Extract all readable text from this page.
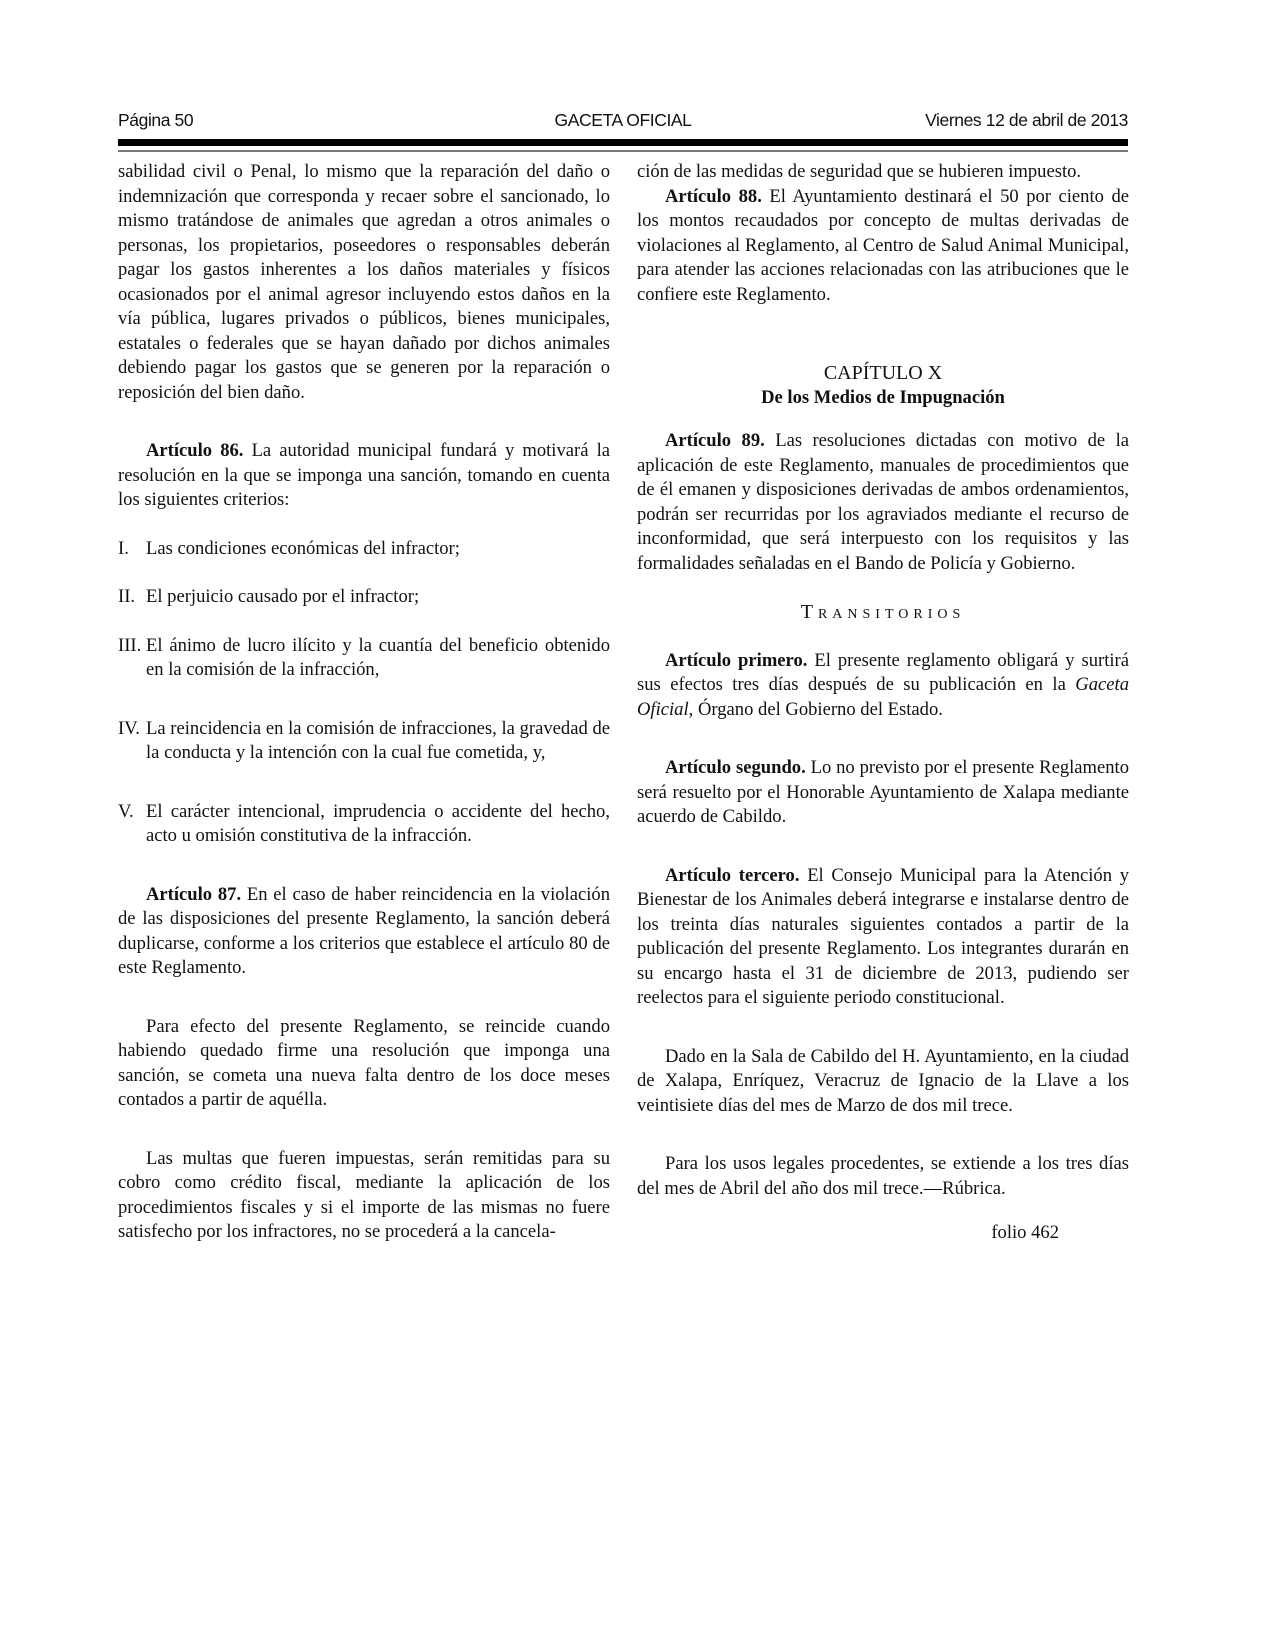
Página 50	GACETA OFICIAL	Viernes 12 de abril de 2013

sabilidad civil o Penal, lo mismo que la reparación del daño o indemnización que corresponda y recaer sobre el sancionado, lo mismo tratándose de animales que agredan a otros animales o personas, los propietarios, poseedores o responsables deberán pagar los gastos inherentes a los daños materiales y físicos ocasionados por el animal agresor incluyendo estos daños en la vía pública, lugares privados o públicos, bienes municipales, estatales o federales que se hayan dañado por dichos animales debiendo pagar los gastos que se generen por la reparación o reposición del bien daño.

Artículo 86. La autoridad municipal fundará y motivará la resolución en la que se imponga una sanción, tomando en cuenta los siguientes criterios:

I. Las condiciones económicas del infractor;
II. El perjuicio causado por el infractor;
III. El ánimo de lucro ilícito y la cuantía del beneficio obtenido en la comisión de la infracción,
IV. La reincidencia en la comisión de infracciones, la gravedad de la conducta y la intención con la cual fue cometida, y,
V. El carácter intencional, imprudencia o accidente del hecho, acto u omisión constitutiva de la infracción.

Artículo 87. En el caso de haber reincidencia en la violación de las disposiciones del presente Reglamento, la sanción deberá duplicarse, conforme a los criterios que establece el artículo 80 de este Reglamento.

Para efecto del presente Reglamento, se reincide cuando habiendo quedado firme una resolución que imponga una sanción, se cometa una nueva falta dentro de los doce meses contados a partir de aquélla.

Las multas que fueren impuestas, serán remitidas para su cobro como crédito fiscal, mediante la aplicación de los procedimientos fiscales y si el importe de las mismas no fuere satisfecho por los infractores, no se procederá a la cancela-

ción de las medidas de seguridad que se hubieren impuesto.

Artículo 88. El Ayuntamiento destinará el 50 por ciento de los montos recaudados por concepto de multas derivadas de violaciones al Reglamento, al Centro de Salud Animal Municipal, para atender las acciones relacionadas con las atribuciones que le confiere este Reglamento.

CAPÍTULO X
De los Medios de Impugnación

Artículo 89. Las resoluciones dictadas con motivo de la aplicación de este Reglamento, manuales de procedimientos que de él emanen y disposiciones derivadas de ambos ordenamientos, podrán ser recurridas por los agraviados mediante el recurso de inconformidad, que será interpuesto con los requisitos y las formalidades señaladas en el Bando de Policía y Gobierno.

Transitorios

Artículo primero. El presente reglamento obligará y surtirá sus efectos tres días después de su publicación en la Gaceta Oficial, Órgano del Gobierno del Estado.

Artículo segundo. Lo no previsto por el presente Reglamento será resuelto por el Honorable Ayuntamiento de Xalapa mediante acuerdo de Cabildo.

Artículo tercero. El Consejo Municipal para la Atención y Bienestar de los Animales deberá integrarse e instalarse dentro de los treinta días naturales siguientes contados a partir de la publicación del presente Reglamento. Los integrantes durarán en su encargo hasta el 31 de diciembre de 2013, pudiendo ser reelectos para el siguiente periodo constitucional.

Dado en la Sala de Cabildo del H. Ayuntamiento, en la ciudad de Xalapa, Enríquez, Veracruz de Ignacio de la Llave a los veintisiete días del mes de Marzo de dos mil trece.

Para los usos legales procedentes, se extiende a los tres días del mes de Abril del año dos mil trece.—Rúbrica.

folio 462
